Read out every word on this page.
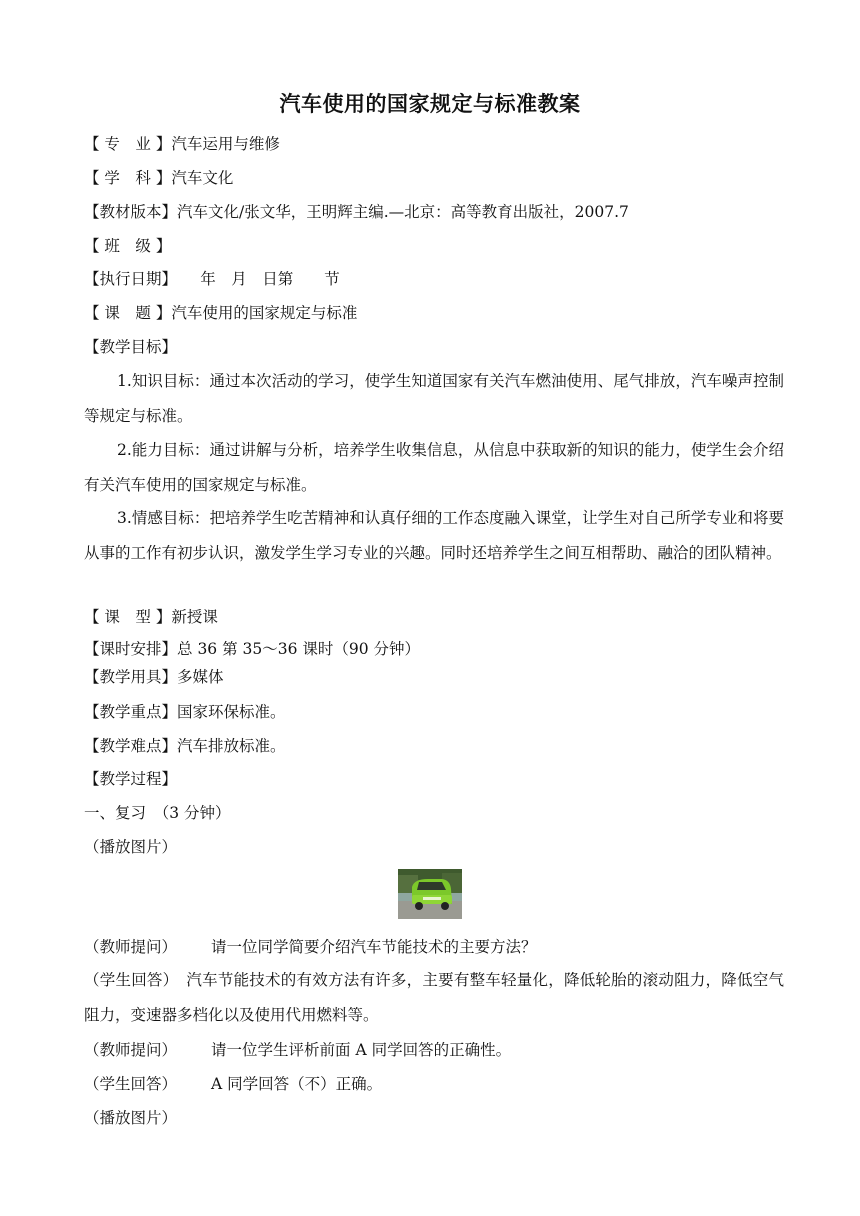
汽车使用的国家规定与标准教案
【 专　业 】汽车运用与维修
【 学　科 】汽车文化
【教材版本】汽车文化/张文华，王明辉主编.—北京：高等教育出版社，2007.7
【 班　级 】
【执行日期】　　年　月　日第　　节
【 课　题 】汽车使用的国家规定与标准
【教学目标】
1.知识目标：通过本次活动的学习，使学生知道国家有关汽车燃油使用、尾气排放，汽车噪声控制等规定与标准。
2.能力目标：通过讲解与分析，培养学生收集信息，从信息中获取新的知识的能力，使学生会介绍有关汽车使用的国家规定与标准。
3.情感目标：把培养学生吃苦精神和认真仔细的工作态度融入课堂，让学生对自己所学专业和将要从事的工作有初步认识，激发学生学习专业的兴趣。同时还培养学生之间互相帮助、融洽的团队精神。
【 课　型 】新授课
【课时安排】总 36 第 35～36 课时（90 分钟）
【教学用具】多媒体
【教学重点】国家环保标准。
【教学难点】汽车排放标准。
【教学过程】
一、复习　（3 分钟）
（播放图片）
（教师提问） 请一位同学简要介绍汽车节能技术的主要方法？
（学生回答）　汽车节能技术的有效方法有许多，主要有整车轻量化，降低轮胎的滚动阻力，降低空气阻力，变速器多档化以及使用代用燃料等。
（教师提问） 请一位学生评析前面 A 同学回答的正确性。
（学生回答） A 同学回答（不）正确。
（播放图片）
